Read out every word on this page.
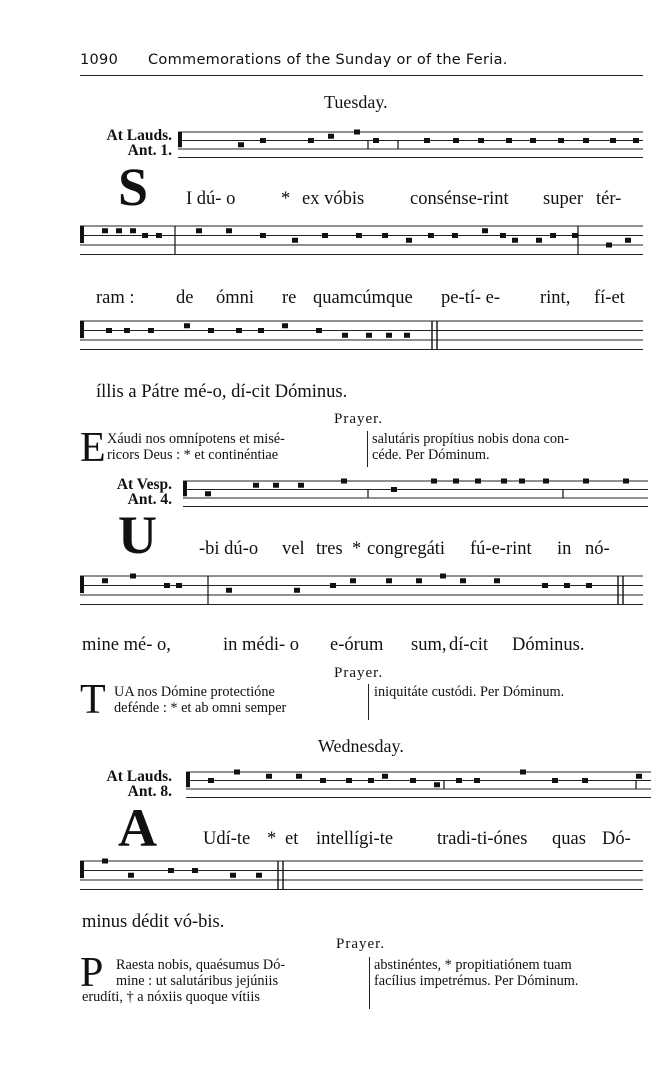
1090 Commemorations of the Sunday or of the Feria.
Tuesday.
At Lauds.
Ant. 1.
S I dú- o * ex vóbis consénse-rint super tér-
ram : de ómni re quamcúmque pe-tí- e- rint, fí-et
íllis a Pátre mé-o, dí-cit Dóminus.
Prayer.
E Xáudi nos omnípotens et misé-
ricors Deus : * et continéntiae
salutáris propítius nobis dona con-
céde. Per Dóminum.
At Vesp.
Ant. 4.
U -bi dú-o vel tres * congregáti fú-e-rint in nó-
mine mé- o,	in médi- o e-órum sum, dí-cit Dóminus.
Prayer.
T UA nos Dómine protectióne
defénde : * et ab omni semper
iniquitáte custódi. Per Dóminum.
Wednesday.
At Lauds.
Ant. 8.
A Udí-te * et intellígi-te tradi-ti-ónes quas Dó-
minus dédit vó-bis.
Prayer.
P Raesta nobis, quaésumus Dó-
mine : ut salutáribus jejúniis
erudíti, † a nóxiis quoque vítiis
abstinéntes, * propitiatiónem tuam
facílius impetrémus. Per Dóminum.
